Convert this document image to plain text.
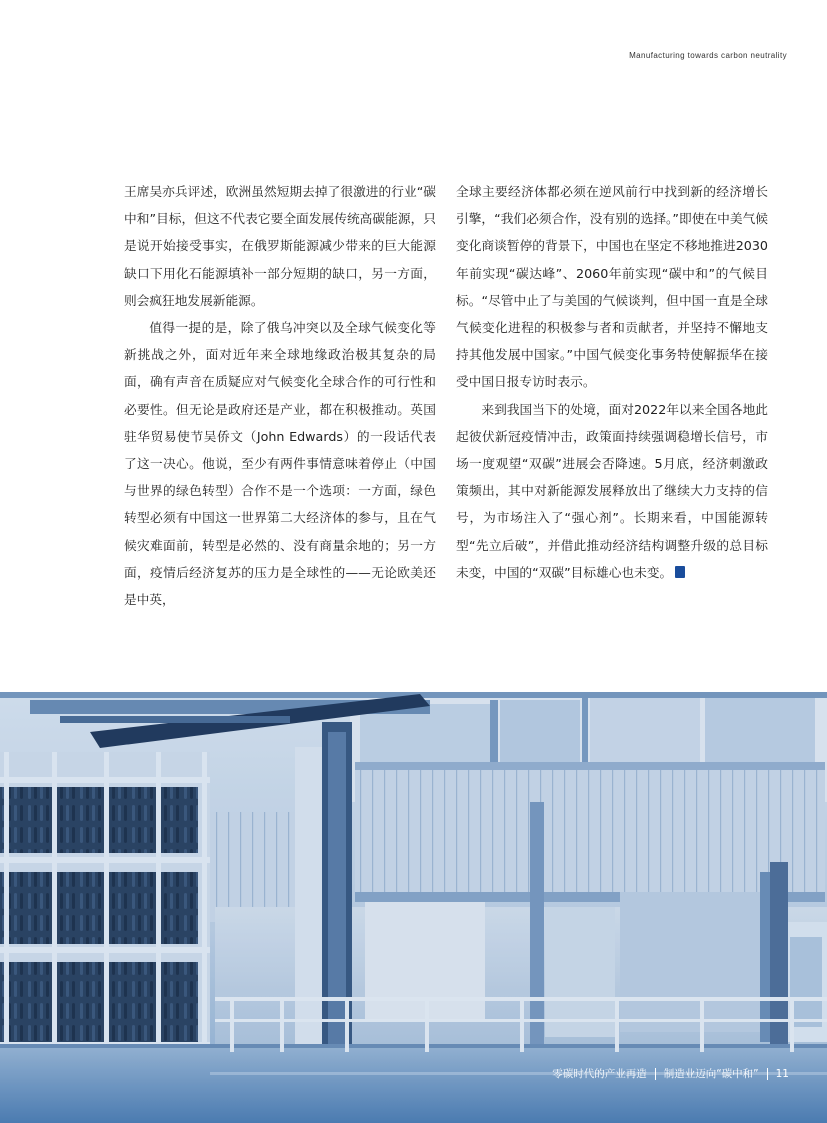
Manufacturing towards carbon neutrality

王席吴亦兵评述，欧洲虽然短期去掉了很激进的行业“碳中和”目标，但这不代表它要全面发展传统高碳能源，只是说开始接受事实，在俄罗斯能源减少带来的巨大能源缺口下用化石能源填补一部分短期的缺口，另一方面，则会疯狂地发展新能源。

值得一提的是，除了俄乌冲突以及全球气候变化等新挑战之外，面对近年来全球地缘政治极其复杂的局面，确有声音在质疑应对气候变化全球合作的可行性和必要性。但无论是政府还是产业，都在积极推动。英国驻华贸易使节吴侨文（John Edwards）的一段话代表了这一决心。他说，至少有两件事情意味着停止（中国与世界的绿色转型）合作不是一个选项：一方面，绿色转型必须有中国这一世界第二大经济体的参与，且在气候灾难面前，转型是必然的、没有商量余地的；另一方面，疫情后经济复苏的压力是全球性的——无论欧美还是中英，

全球主要经济体都必须在逆风前行中找到新的经济增长引擎，“我们必须合作，没有别的选择。”即使在中美气候变化商谈暂停的背景下，中国也在坚定不移地推进2030年前实现“碳达峰”、2060年前实现“碳中和”的气候目标。“尽管中止了与美国的气候谈判，但中国一直是全球气候变化进程的积极参与者和贡献者，并坚持不懈地支持其他发展中国家。”中国气候变化事务特使解振华在接受中国日报专访时表示。

来到我国当下的处境，面对2022年以来全国各地此起彼伏新冠疫情冲击，政策面持续强调稳增长信号，市场一度观望“双碳”进展会否降速。5月底，经济刺激政策频出，其中对新能源发展释放出了继续大力支持的信号，为市场注入了“强心剂”。长期来看，中国能源转型“先立后破”，并借此推动经济结构调整升级的总目标未变，中国的“双碳”目标雄心也未变。

零碳时代的产业再造 制造业迈向“碳中和” 11
